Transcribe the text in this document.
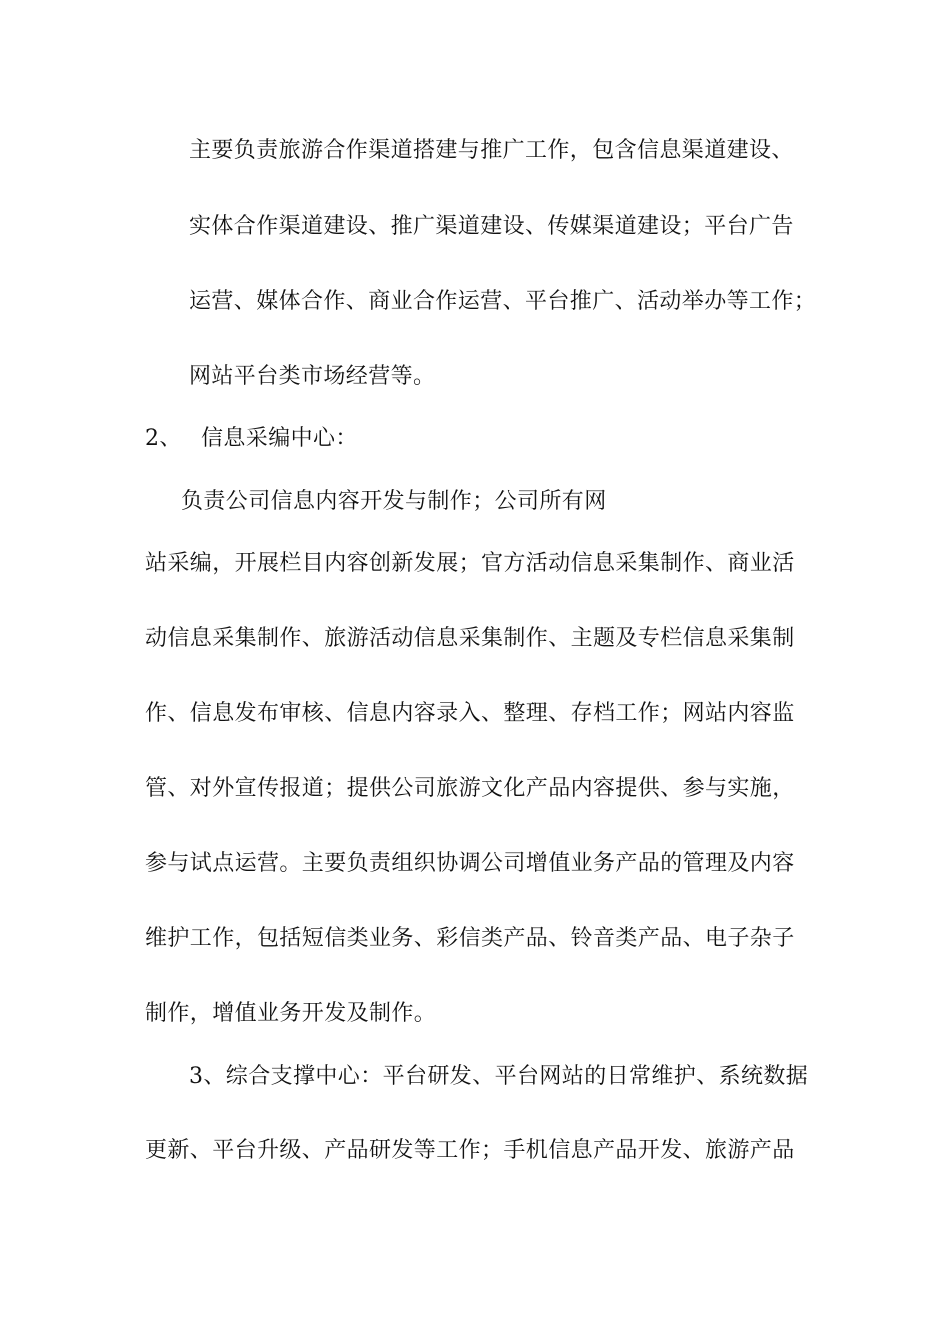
主要负责旅游合作渠道搭建与推广工作，包含信息渠道建设、
实体合作渠道建设、推广渠道建设、传媒渠道建设；平台广告
运营、媒体合作、商业合作运营、平台推广、活动举办等工作；
网站平台类市场经营等。
2、 信息采编中心：
负责公司信息内容开发与制作；公司所有网
站采编，开展栏目内容创新发展；官方活动信息采集制作、商业活
动信息采集制作、旅游活动信息采集制作、主题及专栏信息采集制
作、信息发布审核、信息内容录入、整理、存档工作；网站内容监
管、对外宣传报道；提供公司旅游文化产品内容提供、参与实施，
参与试点运营。主要负责组织协调公司增值业务产品的管理及内容
维护工作，包括短信类业务、彩信类产品、铃音类产品、电子杂子
制作，增值业务开发及制作。
3、综合支撑中心：平台研发、平台网站的日常维护、系统数据
更新、平台升级、产品研发等工作；手机信息产品开发、旅游产品
